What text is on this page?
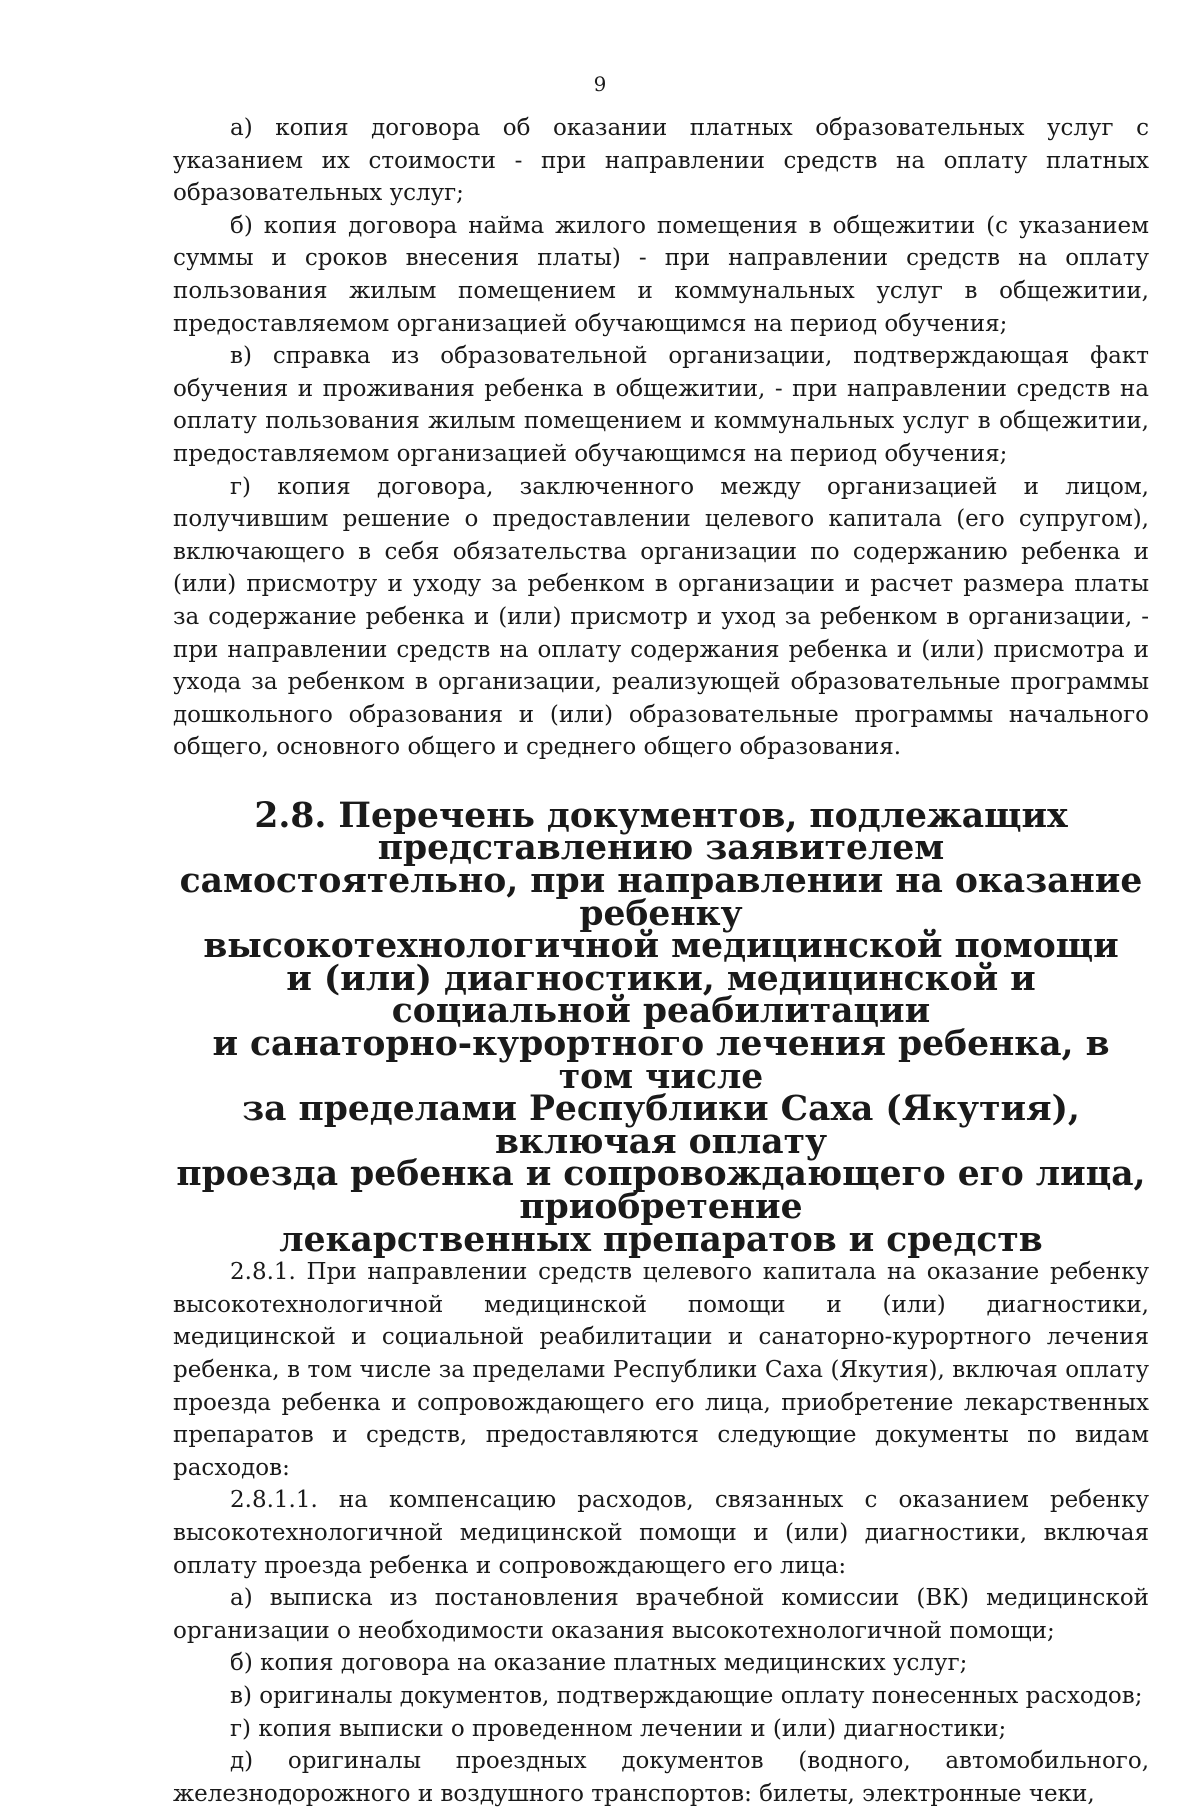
9

а) копия договора об оказании платных образовательных услуг с указанием их стоимости - при направлении средств на оплату платных образовательных услуг;

б) копия договора найма жилого помещения в общежитии (с указанием суммы и сроков внесения платы) - при направлении средств на оплату пользования жилым помещением и коммунальных услуг в общежитии, предоставляемом организацией обучающимся на период обучения;

в) справка из образовательной организации, подтверждающая факт обучения и проживания ребенка в общежитии, - при направлении средств на оплату пользования жилым помещением и коммунальных услуг в общежитии, предоставляемом организацией обучающимся на период обучения;

г) копия договора, заключенного между организацией и лицом, получившим решение о предоставлении целевого капитала (его супругом), включающего в себя обязательства организации по содержанию ребенка и (или) присмотру и уходу за ребенком в организации и расчет размера платы за содержание ребенка и (или) присмотр и уход за ребенком в организации, - при направлении средств на оплату содержания ребенка и (или) присмотра и ухода за ребенком в организации, реализующей образовательные программы дошкольного образования и (или) образовательные программы начального общего, основного общего и среднего общего образования.

2.8. Перечень документов, подлежащих представлению заявителем
самостоятельно, при направлении на оказание ребенку
высокотехнологичной медицинской помощи
и (или) диагностики, медицинской и социальной реабилитации
и санаторно-курортного лечения ребенка, в том числе
за пределами Республики Саха (Якутия), включая оплату
проезда ребенка и сопровождающего его лица, приобретение
лекарственных препаратов и средств

2.8.1. При направлении средств целевого капитала на оказание ребенку высокотехнологичной медицинской помощи и (или) диагностики, медицинской и социальной реабилитации и санаторно-курортного лечения ребенка, в том числе за пределами Республики Саха (Якутия), включая оплату проезда ребенка и сопровождающего его лица, приобретение лекарственных препаратов и средств, предоставляются следующие документы по видам расходов:

2.8.1.1. на компенсацию расходов, связанных с оказанием ребенку высокотехнологичной медицинской помощи и (или) диагностики, включая оплату проезда ребенка и сопровождающего его лица:

а) выписка из постановления врачебной комиссии (ВК) медицинской организации о необходимости оказания высокотехнологичной помощи;

б) копия договора на оказание платных медицинских услуг;

в) оригиналы документов, подтверждающие оплату понесенных расходов;

г) копия выписки о проведенном лечении и (или) диагностики;

д) оригиналы проездных документов (водного, автомобильного, железнодорожного и воздушного транспортов: билеты, электронные чеки,
